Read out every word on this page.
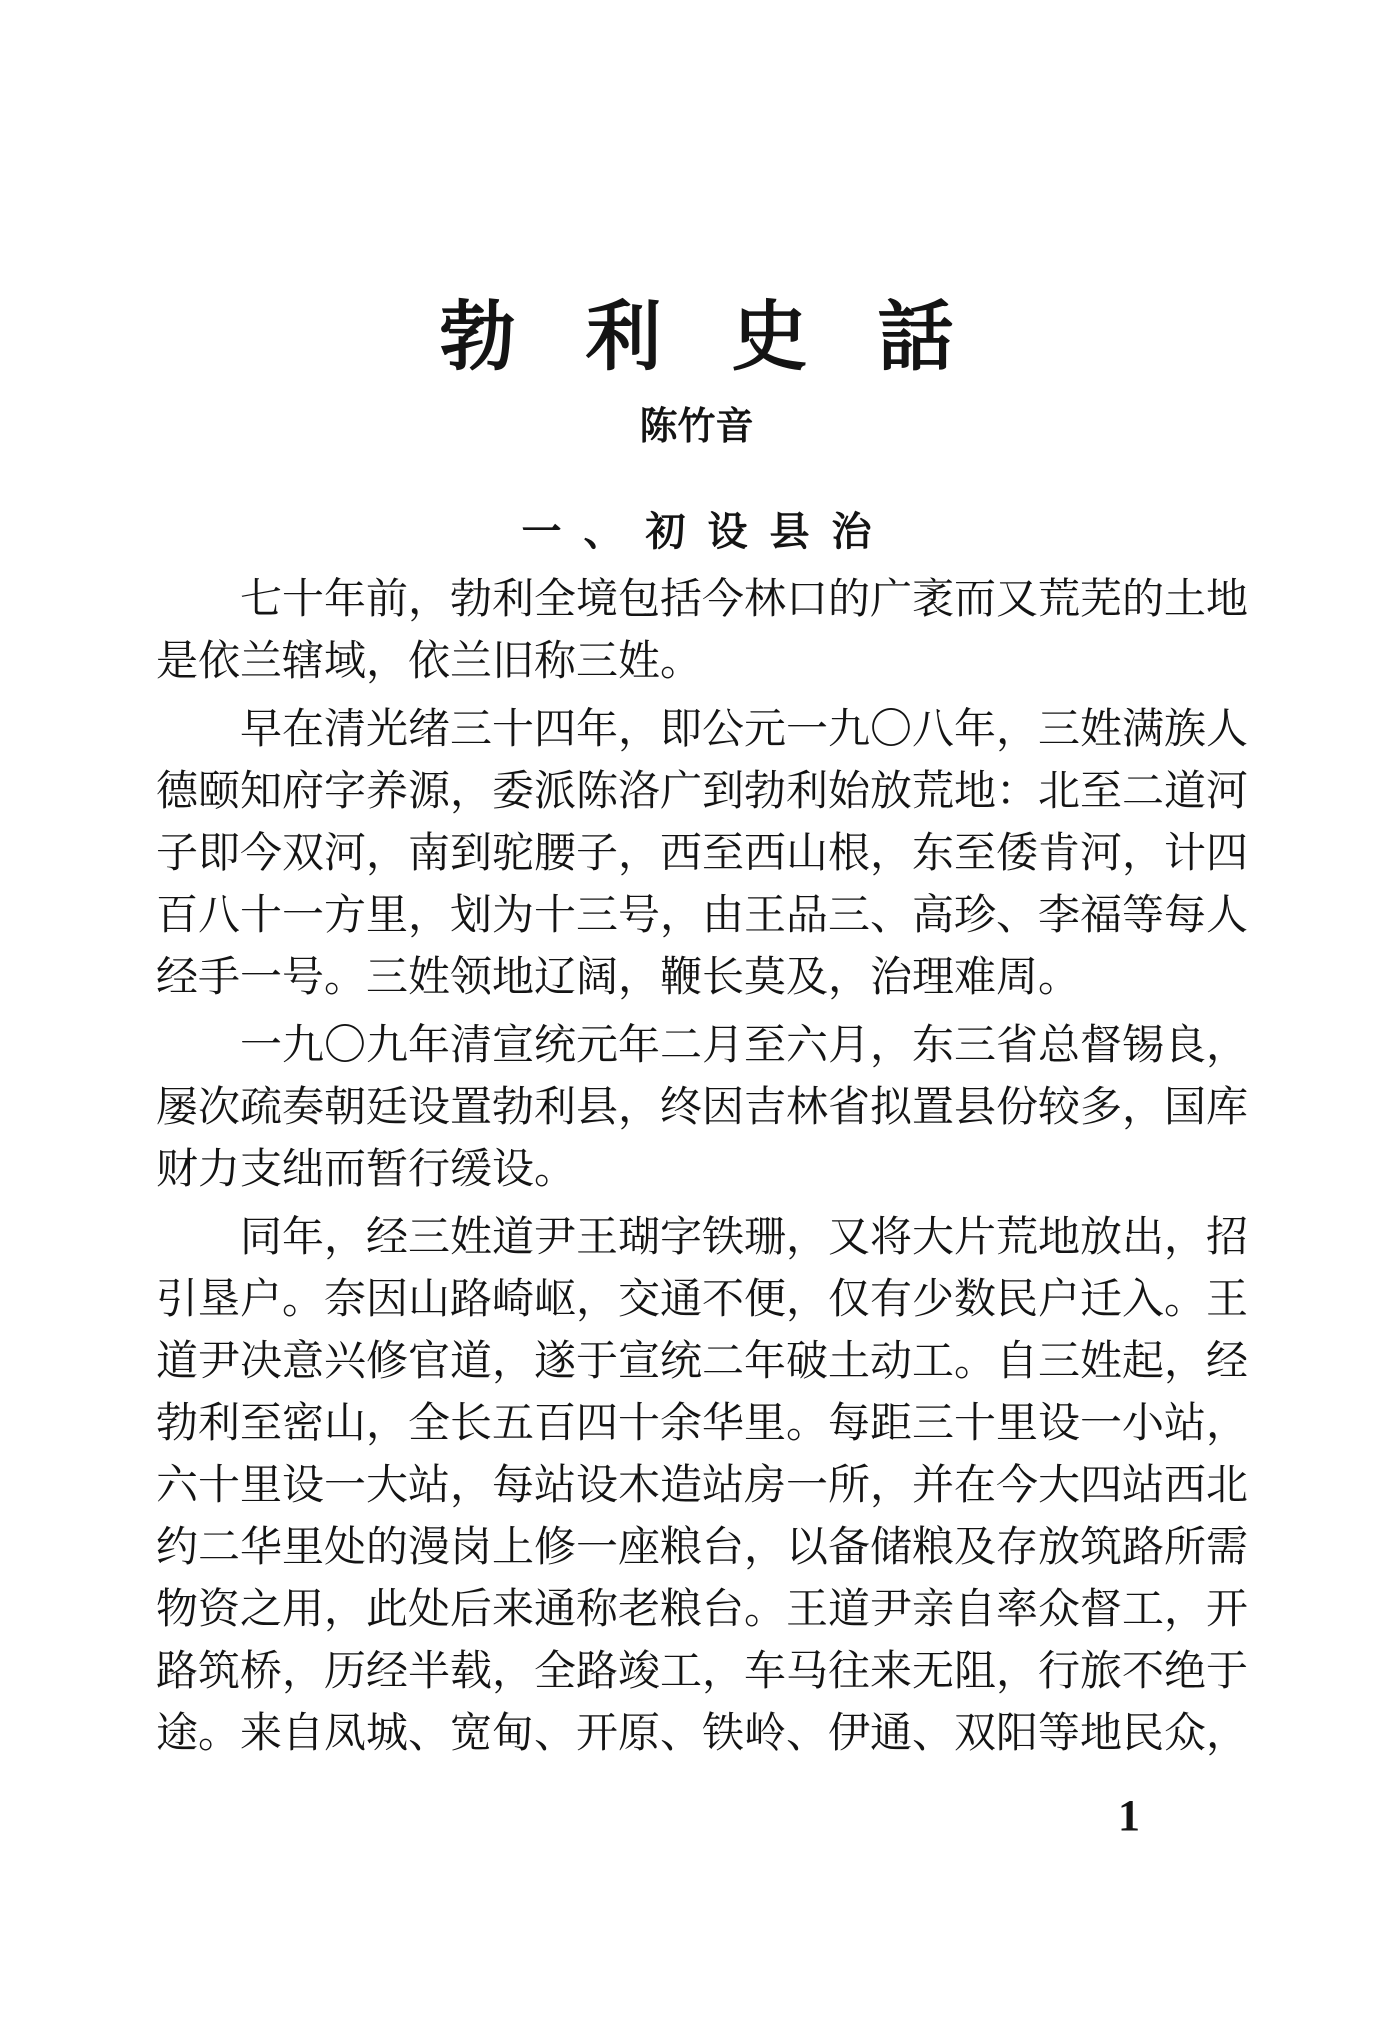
勃利史話
陈竹音
一、初设县治
七十年前，勃利全境包括今林口的广袤而又荒芜的土地
是依兰辖域，依兰旧称三姓。
早在清光绪三十四年，即公元一九〇八年，三姓满族人
德颐知府字养源，委派陈洛广到勃利始放荒地：北至二道河
子即今双河，南到驼腰子，西至西山根，东至倭肯河，计四
百八十一方里，划为十三号，由王品三、高珍、李福等每人
经手一号。三姓领地辽阔，鞭长莫及，治理难周。
一九〇九年清宣统元年二月至六月，东三省总督锡良，
屡次疏奏朝廷设置勃利县，终因吉林省拟置县份较多，国库
财力支绌而暂行缓设。
同年，经三姓道尹王瑚字铁珊，又将大片荒地放出，招
引垦户。奈因山路崎岖，交通不便，仅有少数民户迁入。王
道尹决意兴修官道，遂于宣统二年破土动工。自三姓起，经
勃利至密山，全长五百四十余华里。每距三十里设一小站，
六十里设一大站，每站设木造站房一所，并在今大四站西北
约二华里处的漫岗上修一座粮台，以备储粮及存放筑路所需
物资之用，此处后来通称老粮台。王道尹亲自率众督工，开
路筑桥，历经半载，全路竣工，车马往来无阻，行旅不绝于
途。来自凤城、宽甸、开原、铁岭、伊通、双阳等地民众，
1
